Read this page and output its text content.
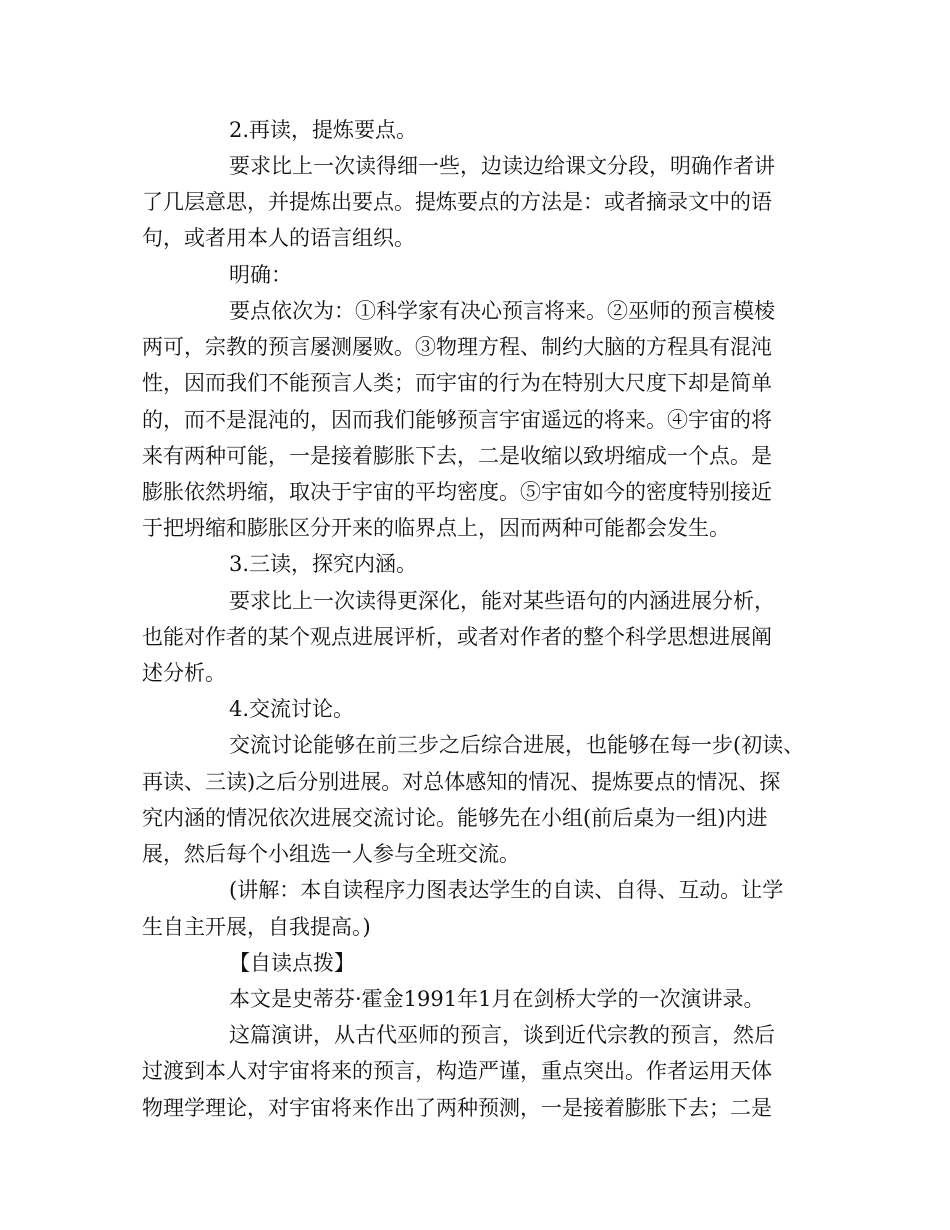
2.再读，提炼要点。
要求比上一次读得细一些，边读边给课文分段，明确作者讲
了几层意思，并提炼出要点。提炼要点的方法是：或者摘录文中的语
句，或者用本人的语言组织。
明确：
要点依次为：①科学家有决心预言将来。②巫师的预言模棱
两可，宗教的预言屡测屡败。③物理方程、制约大脑的方程具有混沌
性，因而我们不能预言人类；而宇宙的行为在特别大尺度下却是简单
的，而不是混沌的，因而我们能够预言宇宙遥远的将来。④宇宙的将
来有两种可能，一是接着膨胀下去，二是收缩以致坍缩成一个点。是
膨胀依然坍缩，取决于宇宙的平均密度。⑤宇宙如今的密度特别接近
于把坍缩和膨胀区分开来的临界点上，因而两种可能都会发生。
3.三读，探究内涵。
要求比上一次读得更深化，能对某些语句的内涵进展分析，
也能对作者的某个观点进展评析，或者对作者的整个科学思想进展阐
述分析。
4.交流讨论。
交流讨论能够在前三步之后综合进展，也能够在每一步(初读、
再读、三读)之后分别进展。对总体感知的情况、提炼要点的情况、探
究内涵的情况依次进展交流讨论。能够先在小组(前后桌为一组)内进
展，然后每个小组选一人参与全班交流。
(讲解：本自读程序力图表达学生的自读、自得、互动。让学
生自主开展，自我提高。)
【自读点拨】
本文是史蒂芬·霍金1991年1月在剑桥大学的一次演讲录。
这篇演讲，从古代巫师的预言，谈到近代宗教的预言，然后
过渡到本人对宇宙将来的预言，构造严谨，重点突出。作者运用天体
物理学理论，对宇宙将来作出了两种预测，一是接着膨胀下去；二是
